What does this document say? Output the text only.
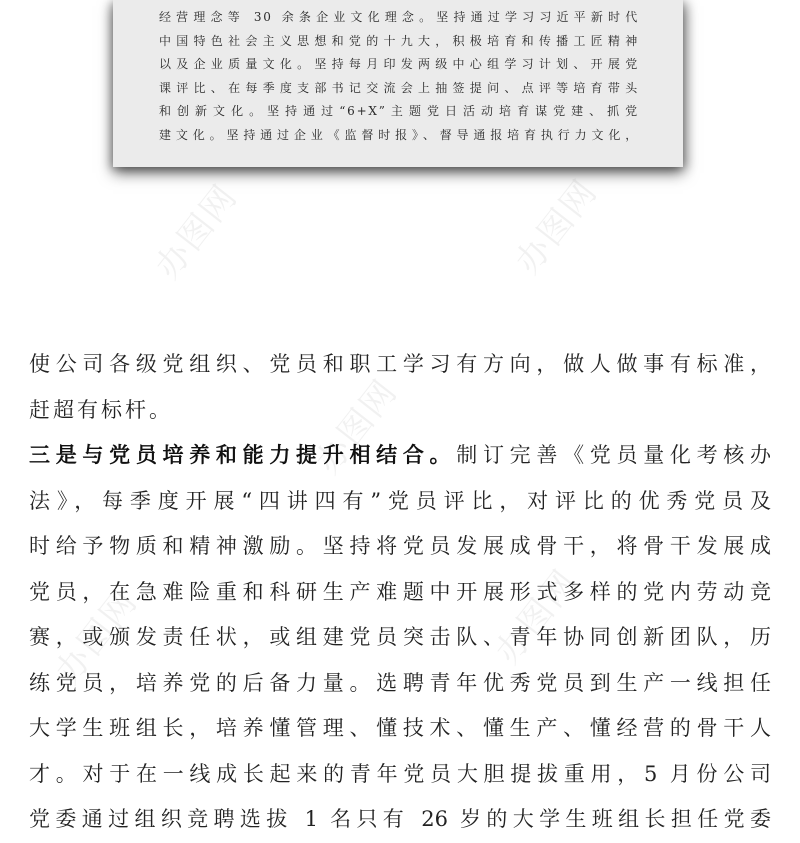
经营理念等 30 余条企业文化理念。坚持通过学习习近平新时代
中国特色社会主义思想和党的十九大，积极培育和传播工匠精神
以及企业质量文化。坚持每月印发两级中心组学习计划、开展党
课评比、在每季度支部书记交流会上抽签提问、点评等培育带头
和创新文化。坚持通过“6+X”主题党日活动培育谋党建、抓党
建文化。坚持通过企业《监督时报》、督导通报培育执行力文化，
办图网	办图网
办图网
办图网	办图网
使公司各级党组织、党员和职工学习有方向，做人做事有标准，
赶超有标杆。
三是与党员培养和能力提升相结合。制订完善《党员量化考核办
法》，每季度开展“四讲四有”党员评比，对评比的优秀党员及
时给予物质和精神激励。坚持将党员发展成骨干，将骨干发展成
党员，在急难险重和科研生产难题中开展形式多样的党内劳动竞
赛，或颁发责任状，或组建党员突击队、青年协同创新团队，历
练党员，培养党的后备力量。选聘青年优秀党员到生产一线担任
大学生班组长，培养懂管理、懂技术、懂生产、懂经营的骨干人
才。对于在一线成长起来的青年党员大胆提拔重用，5 月份公司
党委通过组织竞聘选拔 1 名只有 26 岁的大学生班组长担任党委
